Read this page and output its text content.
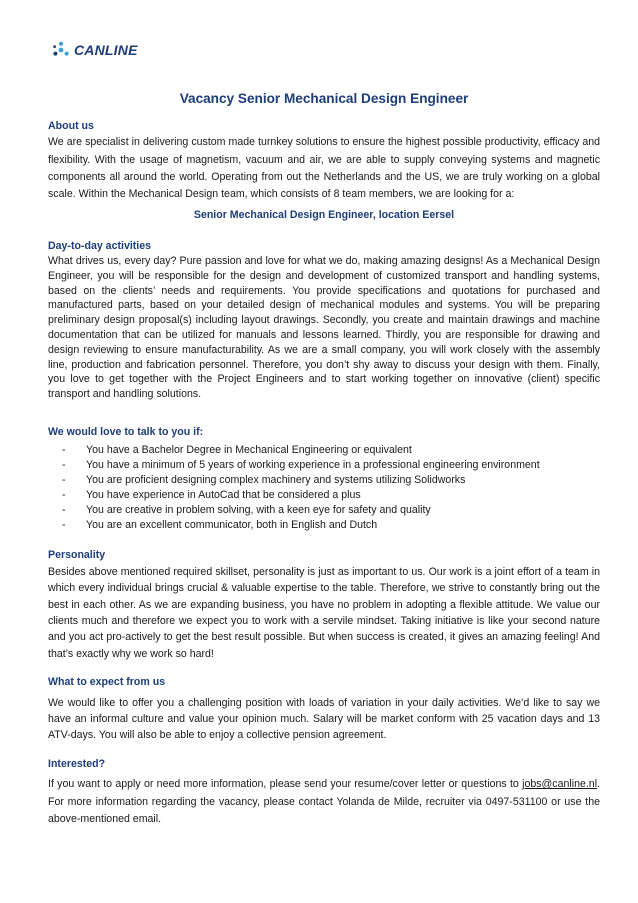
CANLINE
Vacancy Senior Mechanical Design Engineer
About us

We are specialist in delivering custom made turnkey solutions to ensure the highest possible productivity, efficacy and flexibility. With the usage of magnetism, vacuum and air, we are able to supply conveying systems and magnetic components all around the world. Operating from out the Netherlands and the US, we are truly working on a global scale. Within the Mechanical Design team, which consists of 8 team members, we are looking for a:

Senior Mechanical Design Engineer, location Eersel

Day-to-day activities

What drives us, every day? Pure passion and love for what we do, making amazing designs! As a Mechanical Design Engineer, you will be responsible for the design and development of customized transport and handling systems, based on the clients’ needs and requirements. You provide specifications and quotations for purchased and manufactured parts, based on your detailed design of mechanical modules and systems. You will be preparing preliminary design proposal(s) including layout drawings. Secondly, you create and maintain drawings and machine documentation that can be utilized for manuals and lessons learned. Thirdly, you are responsible for drawing and design reviewing to ensure manufacturability. As we are a small company, you will work closely with the assembly line, production and fabrication personnel. Therefore, you don’t shy away to discuss your design with them. Finally, you love to get together with the Project Engineers and to start working together on innovative (client) specific transport and handling solutions.

We would love to talk to you if:
- You have a Bachelor Degree in Mechanical Engineering or equivalent
- You have a minimum of 5 years of working experience in a professional engineering environment
- You are proficient designing complex machinery and systems utilizing Solidworks
- You have experience in AutoCad that be considered a plus
- You are creative in problem solving, with a keen eye for safety and quality
- You are an excellent communicator, both in English and Dutch
Personality

Besides above mentioned required skillset, personality is just as important to us. Our work is a joint effort of a team in which every individual brings crucial & valuable expertise to the table. Therefore, we strive to constantly bring out the best in each other. As we are expanding business, you have no problem in adopting a flexible attitude. We value our clients much and therefore we expect you to work with a servile mindset. Taking initiative is like your second nature and you act pro-actively to get the best result possible. But when success is created, it gives an amazing feeling! And that’s exactly why we work so hard!

What to expect from us

We would like to offer you a challenging position with loads of variation in your daily activities. We’d like to say we have an informal culture and value your opinion much. Salary will be market conform with 25 vacation days and 13 ATV-days. You will also be able to enjoy a collective pension agreement.

Interested?

If you want to apply or need more information, please send your resume/cover letter or questions to jobs@canline.nl. For more information regarding the vacancy, please contact Yolanda de Milde, recruiter via 0497-531100 or use the above-mentioned email.
